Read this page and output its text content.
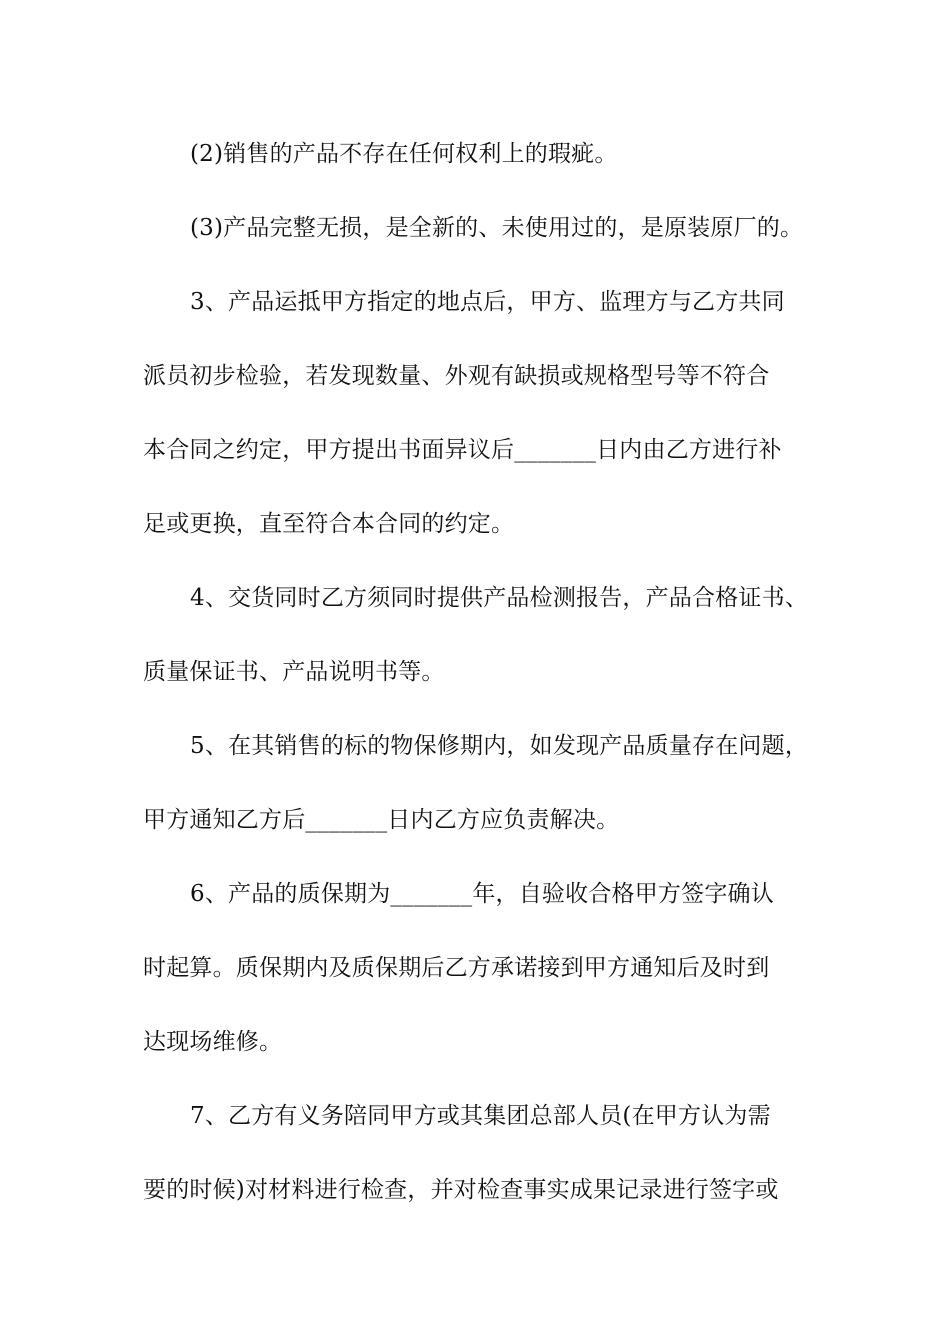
(2)销售的产品不存在任何权利上的瑕疵。
(3)产品完整无损，是全新的、未使用过的，是原装原厂的。
3、产品运抵甲方指定的地点后，甲方、监理方与乙方共同
派员初步检验，若发现数量、外观有缺损或规格型号等不符合
本合同之约定，甲方提出书面异议后_______日内由乙方进行补
足或更换，直至符合本合同的约定。
4、交货同时乙方须同时提供产品检测报告，产品合格证书、
质量保证书、产品说明书等。
5、在其销售的标的物保修期内，如发现产品质量存在问题，
甲方通知乙方后_______日内乙方应负责解决。
6、产品的质保期为_______年，自验收合格甲方签字确认
时起算。质保期内及质保期后乙方承诺接到甲方通知后及时到
达现场维修。
7、乙方有义务陪同甲方或其集团总部人员(在甲方认为需
要的时候)对材料进行检查，并对检查事实成果记录进行签字或
